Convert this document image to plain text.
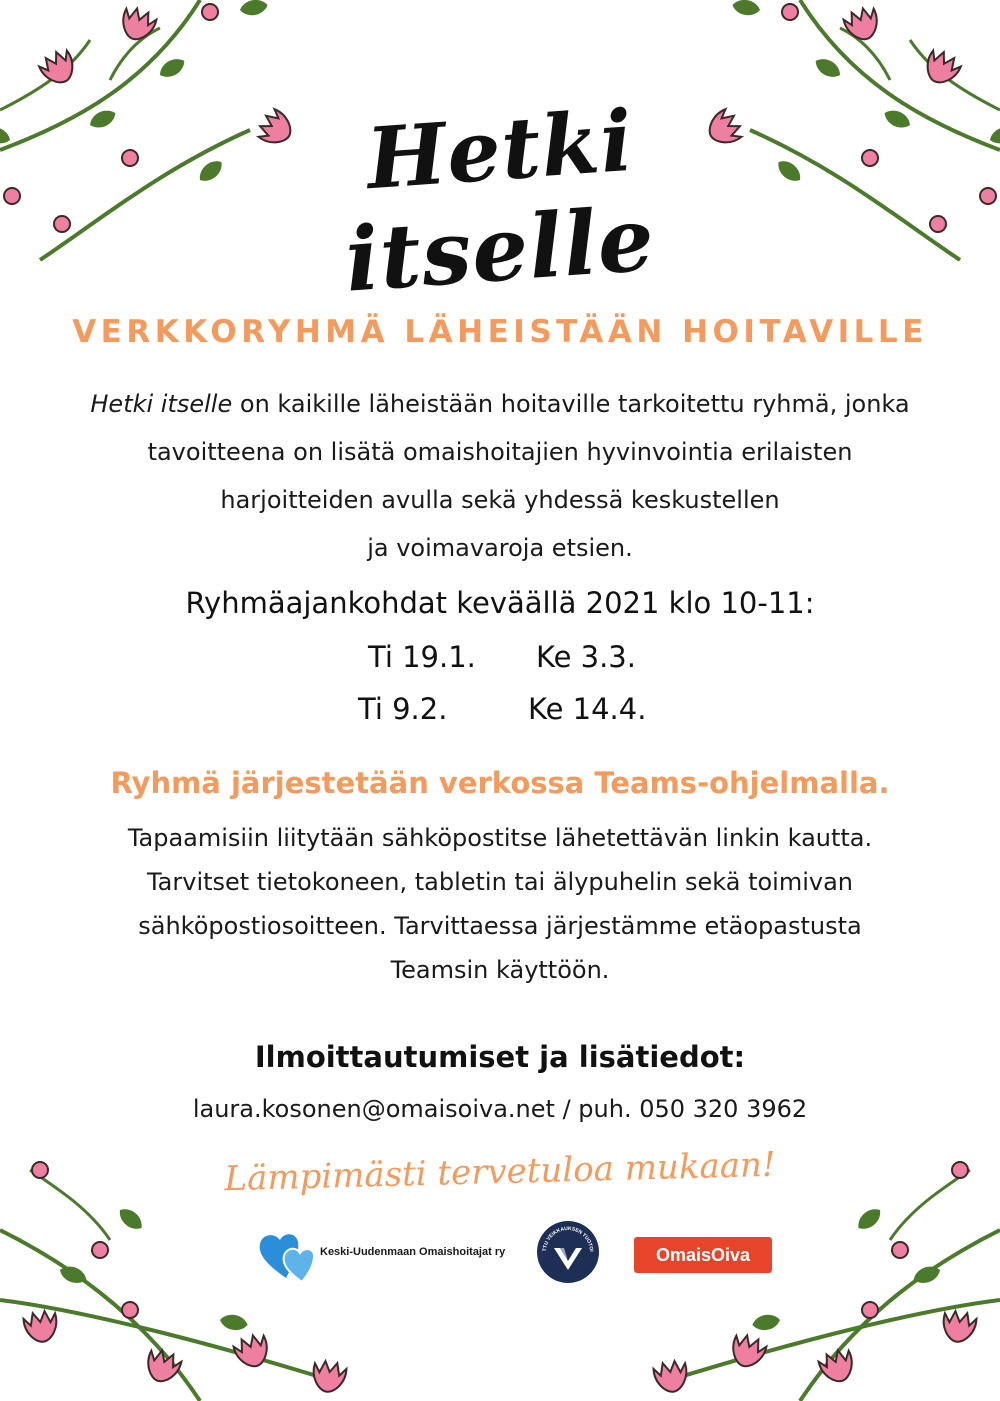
Hetki
itselle
VERKKORYHMÄ LÄHEISTÄÄN HOITAVILLE

Hetki itselle on kaikille läheistään hoitaville tarkoitettu ryhmä, jonka
tavoitteena on lisätä omaishoitajien hyvinvointia erilaisten
harjoitteiden avulla sekä yhdessä keskustellen
ja voimavaroja etsien.

Ryhmäajankohdat keväällä 2021 klo 10-11:
Ti 19.1. Ke 3.3.
Ti 9.2.	Ke 14.4.
Ryhmä järjestetään verkossa Teams-ohjelmalla.

Tapaamisiin liitytään sähköpostitse lähetettävän linkin kautta.
Tarvitset tietokoneen, tabletin tai älypuhelin sekä toimivan
sähköpostiosoitteen. Tarvittaessa järjestämme etäopastusta
Teamsin käyttöön.

Ilmoittautumiset ja lisätiedot:

laura.kosonen@omaisoiva.net / puh. 050 320 3962

Lämpimästi tervetuloa mukaan!

Keski-Uudenmaan Omaishoitajat ry	TTU VEIKKAUKSEN TUOTOI	OmaisOiva
